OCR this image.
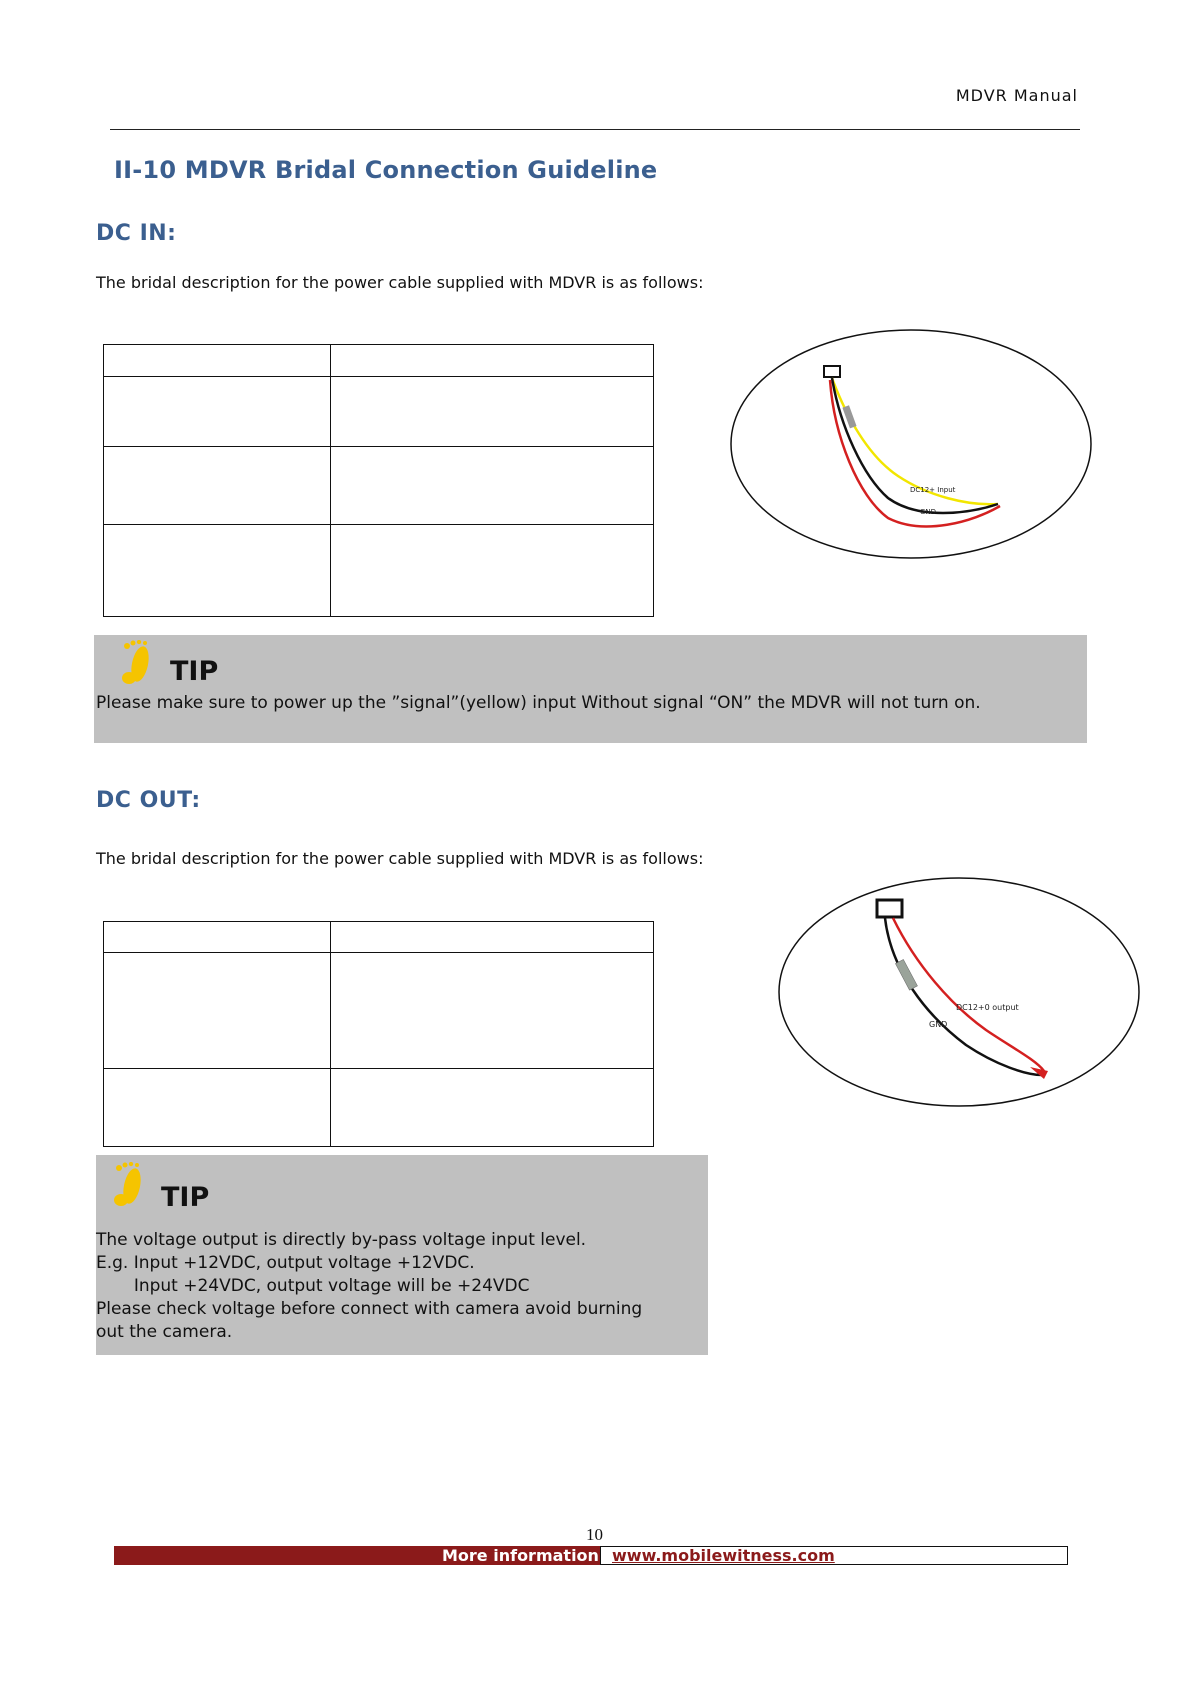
MDVR Manual
II-10 MDVR Bridal Connection Guideline
DC IN:
The bridal description for the power cable supplied with MDVR is as follows:

DC12+ Input
GND
TIP
Please make sure to power up the ”signal”(yellow) input Without signal “ON” the MDVR will not turn on.
DC OUT:
The bridal description for the power cable supplied with MDVR is as follows:

DC12+0 output
GND
TIP
The voltage output is directly by-pass voltage input level.
E.g. Input +12VDC, output voltage +12VDC.
Input +24VDC, output voltage will be +24VDC
Please check voltage before connect with camera avoid burning
out the camera.
10
More information www.mobilewitness.com
